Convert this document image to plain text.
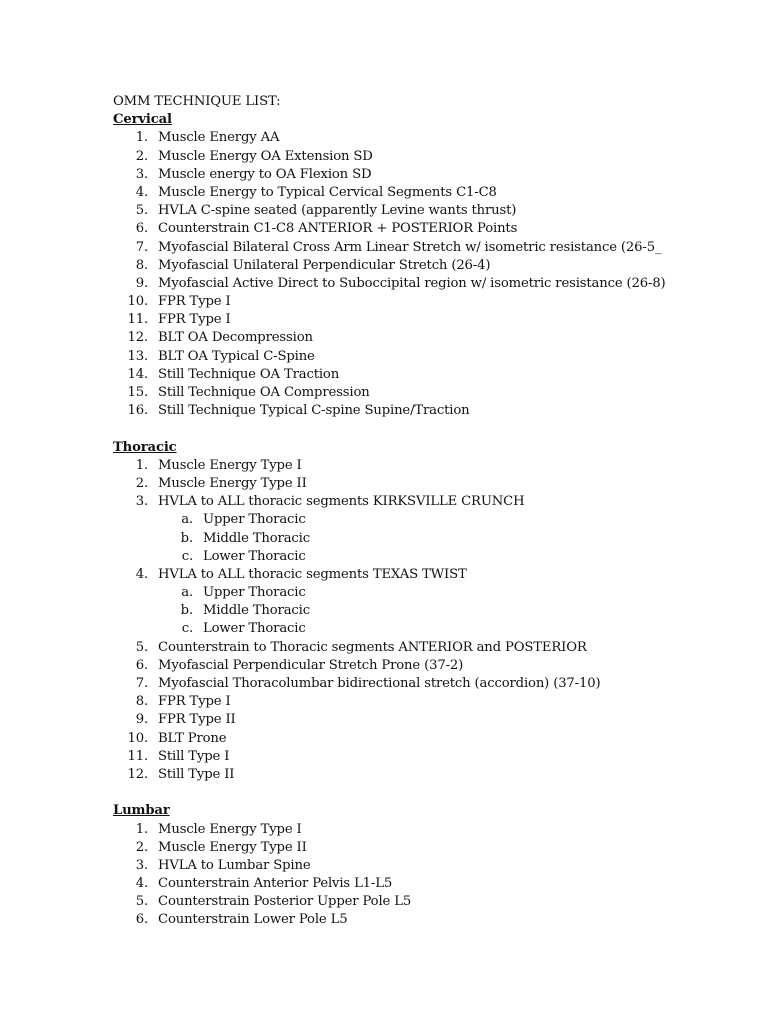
OMM TECHNIQUE LIST:
Cervical
1. Muscle Energy AA
2. Muscle Energy OA Extension SD
3. Muscle energy to OA Flexion SD
4. Muscle Energy to Typical Cervical Segments C1-C8
5. HVLA C-spine seated (apparently Levine wants thrust)
6. Counterstrain C1-C8 ANTERIOR + POSTERIOR Points
7. Myofascial Bilateral Cross Arm Linear Stretch w/ isometric resistance (26-5_
8. Myofascial Unilateral Perpendicular Stretch (26-4)
9. Myofascial Active Direct to Suboccipital region w/ isometric resistance (26-8)
10. FPR Type I
11. FPR Type I
12. BLT OA Decompression
13. BLT OA Typical C-Spine
14. Still Technique OA Traction
15. Still Technique OA Compression
16. Still Technique Typical C-spine Supine/Traction
Thoracic
1. Muscle Energy Type I
2. Muscle Energy Type II
3. HVLA to ALL thoracic segments KIRKSVILLE CRUNCH
a. Upper Thoracic
b. Middle Thoracic
c. Lower Thoracic
4. HVLA to ALL thoracic segments TEXAS TWIST
a. Upper Thoracic
b. Middle Thoracic
c. Lower Thoracic
5. Counterstrain to Thoracic segments ANTERIOR and POSTERIOR
6. Myofascial Perpendicular Stretch Prone (37-2)
7. Myofascial Thoracolumbar bidirectional stretch (accordion) (37-10)
8. FPR Type I
9. FPR Type II
10. BLT Prone
11. Still Type I
12. Still Type II
Lumbar
1. Muscle Energy Type I
2. Muscle Energy Type II
3. HVLA to Lumbar Spine
4. Counterstrain Anterior Pelvis L1-L5
5. Counterstrain Posterior Upper Pole L5
6. Counterstrain Lower Pole L5
